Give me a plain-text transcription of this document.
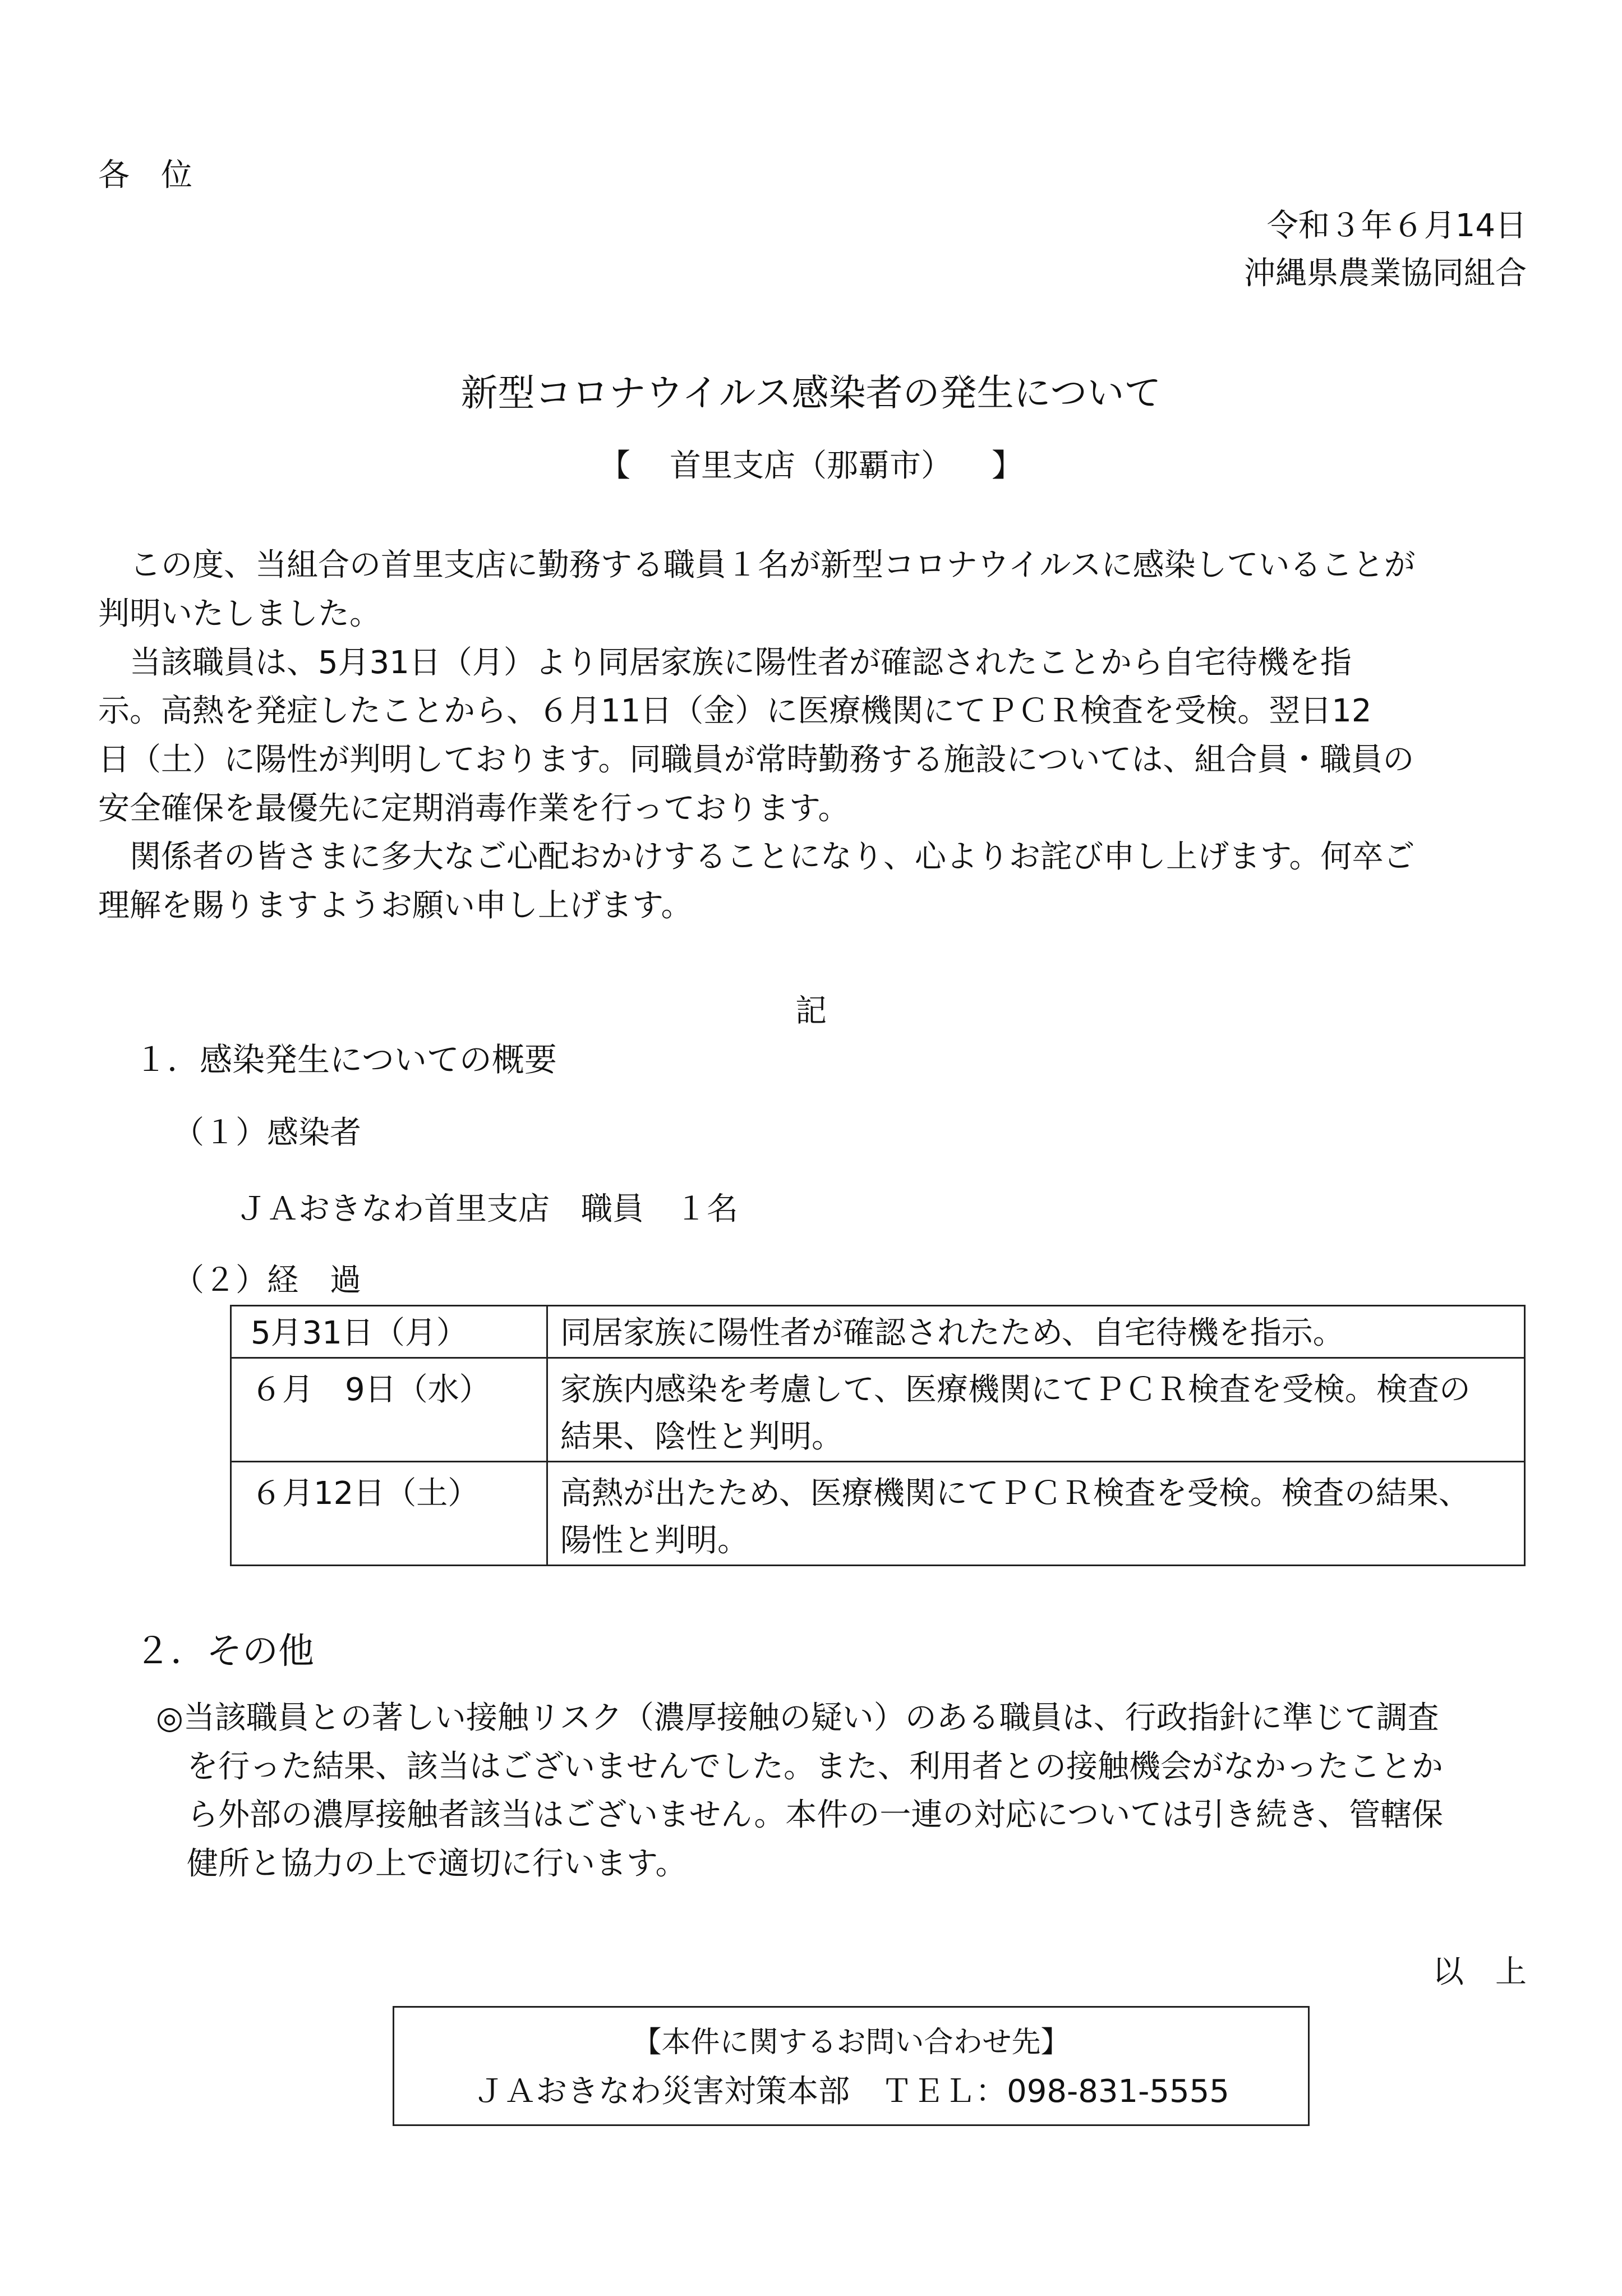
各　位
令和３年６月14日
沖縄県農業協同組合
新型コロナウイルス感染者の発生について
【 首里支店（那覇市） 】
　この度、当組合の首里支店に勤務する職員１名が新型コロナウイルスに感染していることが
判明いたしました。
　当該職員は、5月31日（月）より同居家族に陽性者が確認されたことから自宅待機を指
示。高熱を発症したことから、６月11日（金）に医療機関にてＰＣＲ検査を受検。翌日12
日（土）に陽性が判明しております。同職員が常時勤務する施設については、組合員・職員の
安全確保を最優先に定期消毒作業を行っております。
　関係者の皆さまに多大なご心配おかけすることになり、心よりお詫び申し上げます。何卒ご
理解を賜りますようお願い申し上げます。
記
１．感染発生についての概要
（１）感染者
ＪＡおきなわ首里支店　職員　１名
（２）経　過
5月31日（月）	同居家族に陽性者が確認されたため、自宅待機を指示。
６月　9日（水）	家族内感染を考慮して、医療機関にてＰＣＲ検査を受検。検査の
結果、陰性と判明。
６月12日（土）	高熱が出たため、医療機関にてＰＣＲ検査を受検。検査の結果、
陽性と判明。
２．その他
◎当該職員との著しい接触リスク（濃厚接触の疑い）のある職員は、行政指針に準じて調査
を行った結果、該当はございませんでした。また、利用者との接触機会がなかったことか
ら外部の濃厚接触者該当はございません。本件の一連の対応については引き続き、管轄保
健所と協力の上で適切に行います。
以　上
【本件に関するお問い合わせ先】
ＪＡおきなわ災害対策本部　ＴＥＬ：098-831-5555
